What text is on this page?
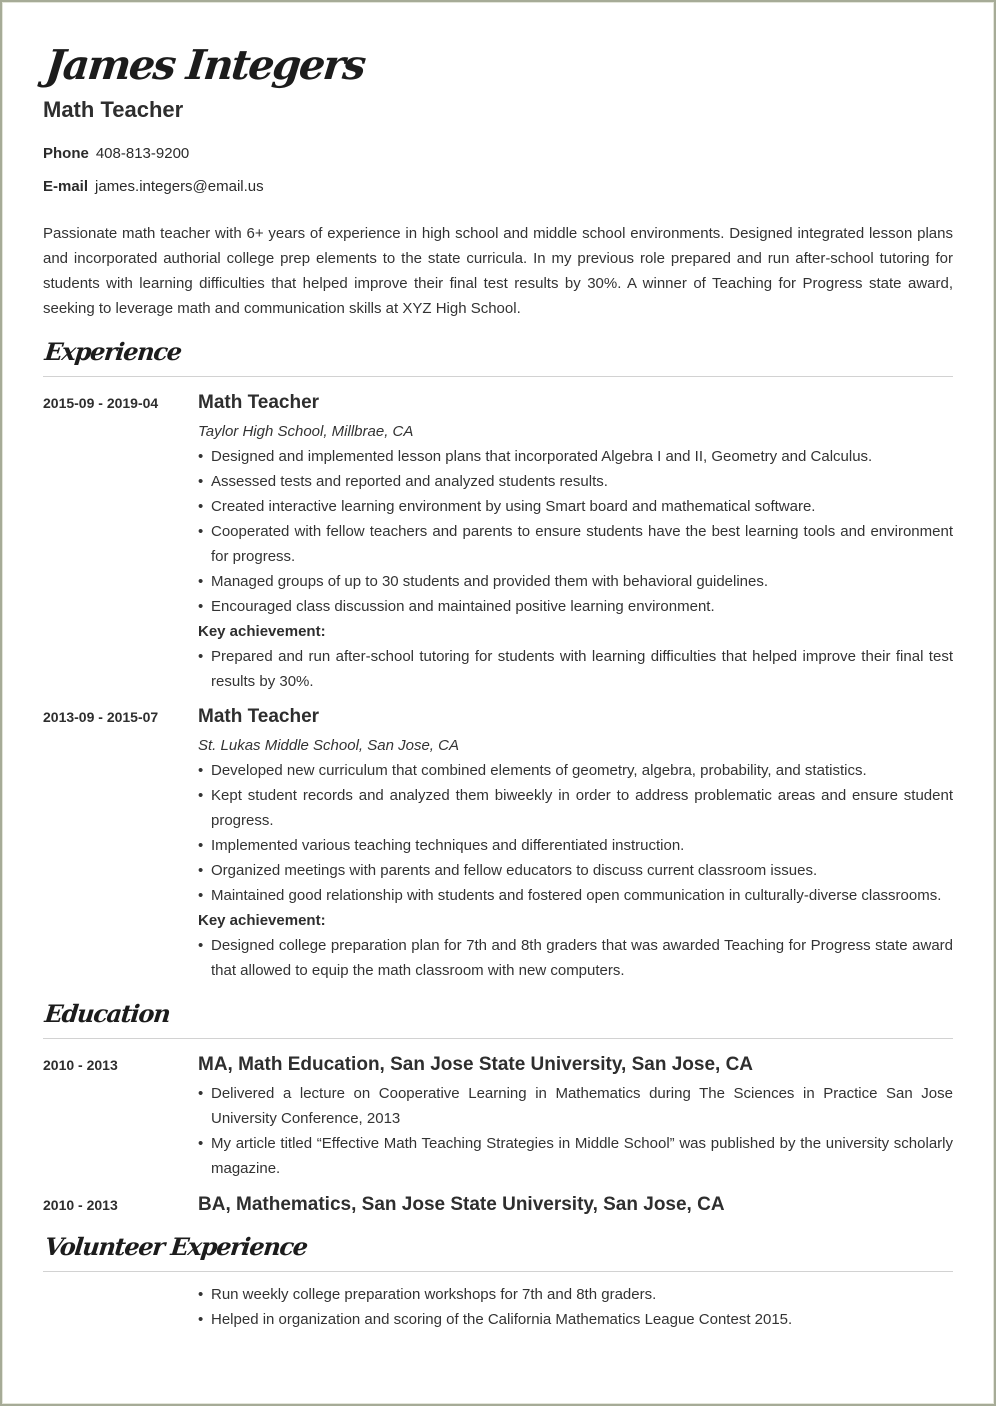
James Integers
Math Teacher
Phone 408-813-9200
E-mail james.integers@email.us
Passionate math teacher with 6+ years of experience in high school and middle school environments. Designed integrated lesson plans and incorporated authorial college prep elements to the state curricula. In my previous role prepared and run after-school tutoring for students with learning difficulties that helped improve their final test results by 30%. A winner of Teaching for Progress state award, seeking to leverage math and communication skills at XYZ High School.
Experience
2015-09 - 2019-04	Math Teacher
Taylor High School, Millbrae, CA
• Designed and implemented lesson plans that incorporated Algebra I and II, Geometry and Calculus.
• Assessed tests and reported and analyzed students results.
• Created interactive learning environment by using Smart board and mathematical software.
• Cooperated with fellow teachers and parents to ensure students have the best learning tools and environment for progress.
• Managed groups of up to 30 students and provided them with behavioral guidelines.
• Encouraged class discussion and maintained positive learning environment.
Key achievement:
• Prepared and run after-school tutoring for students with learning difficulties that helped improve their final test results by 30%.
2013-09 - 2015-07	Math Teacher
St. Lukas Middle School, San Jose, CA
• Developed new curriculum that combined elements of geometry, algebra, probability, and statistics.
• Kept student records and analyzed them biweekly in order to address problematic areas and ensure student progress.
• Implemented various teaching techniques and differentiated instruction.
• Organized meetings with parents and fellow educators to discuss current classroom issues.
• Maintained good relationship with students and fostered open communication in culturally-diverse classrooms.
Key achievement:
• Designed college preparation plan for 7th and 8th graders that was awarded Teaching for Progress state award that allowed to equip the math classroom with new computers.
Education
2010 - 2013	MA, Math Education, San Jose State University, San Jose, CA
• Delivered a lecture on Cooperative Learning in Mathematics during The Sciences in Practice San Jose University Conference, 2013
• My article titled “Effective Math Teaching Strategies in Middle School” was published by the university scholarly magazine.
2010 - 2013	BA, Mathematics, San Jose State University, San Jose, CA
Volunteer Experience
• Run weekly college preparation workshops for 7th and 8th graders.
• Helped in organization and scoring of the California Mathematics League Contest 2015.
